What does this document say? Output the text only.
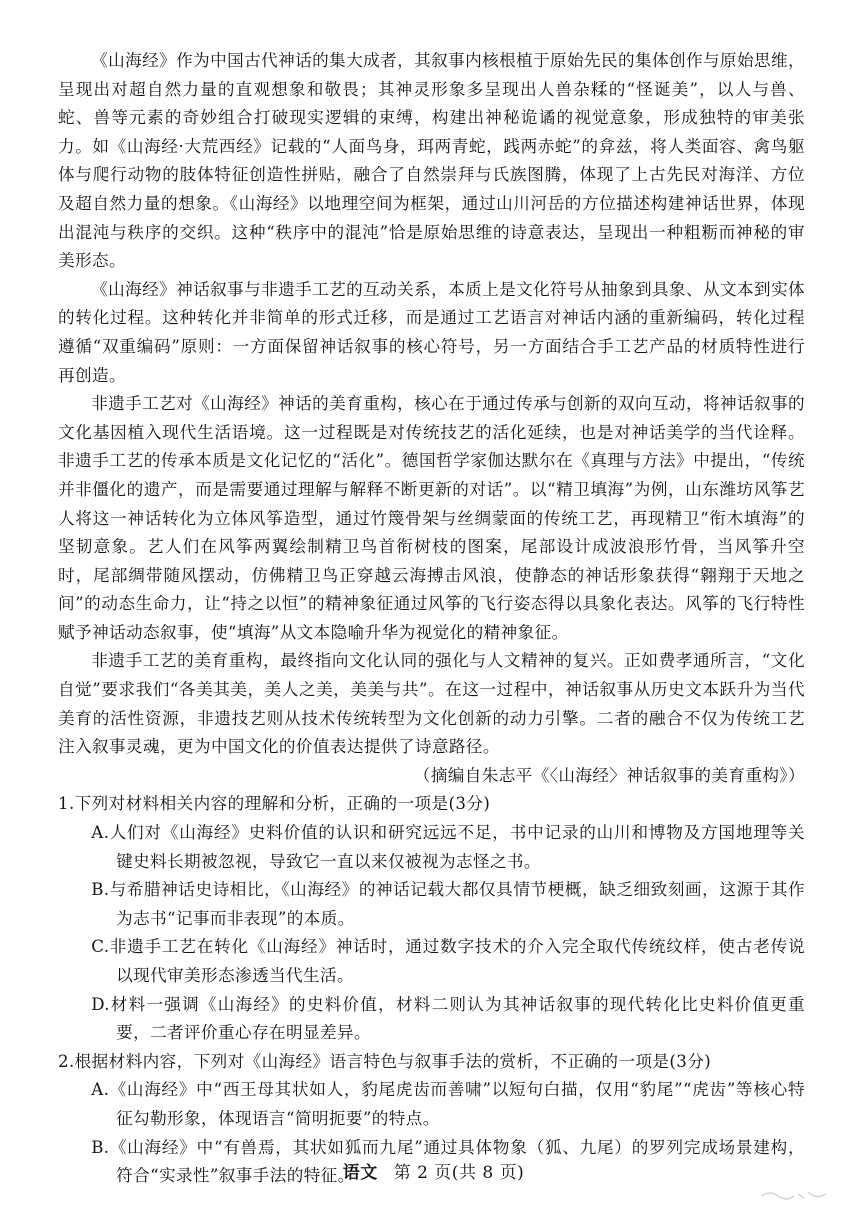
《山海经》作为中国古代神话的集大成者，其叙事内核根植于原始先民的集体创作与原始思维，呈现出对超自然力量的直观想象和敬畏；其神灵形象多呈现出人兽杂糅的“怪诞美”，以人与兽、蛇、兽等元素的奇妙组合打破现实逻辑的束缚，构建出神秘诡谲的视觉意象，形成独特的审美张力。如《山海经·大荒西经》记载的“人面鸟身，珥两青蛇，践两赤蛇”的弇兹，将人类面容、禽鸟躯体与爬行动物的肢体特征创造性拼贴，融合了自然崇拜与氏族图腾，体现了上古先民对海洋、方位及超自然力量的想象。《山海经》以地理空间为框架，通过山川河岳的方位描述构建神话世界，体现出混沌与秩序的交织。这种“秩序中的混沌”恰是原始思维的诗意表达，呈现出一种粗粝而神秘的审美形态。

《山海经》神话叙事与非遗手工艺的互动关系，本质上是文化符号从抽象到具象、从文本到实体的转化过程。这种转化并非简单的形式迁移，而是通过工艺语言对神话内涵的重新编码，转化过程遵循“双重编码”原则：一方面保留神话叙事的核心符号，另一方面结合手工艺产品的材质特性进行再创造。

非遗手工艺对《山海经》神话的美育重构，核心在于通过传承与创新的双向互动，将神话叙事的文化基因植入现代生活语境。这一过程既是对传统技艺的活化延续，也是对神话美学的当代诠释。非遗手工艺的传承本质是文化记忆的“活化”。德国哲学家伽达默尔在《真理与方法》中提出，“传统并非僵化的遗产，而是需要通过理解与解释不断更新的对话”。以“精卫填海”为例，山东潍坊风筝艺人将这一神话转化为立体风筝造型，通过竹篾骨架与丝绸蒙面的传统工艺，再现精卫“衔木填海”的坚韧意象。艺人们在风筝两翼绘制精卫鸟首衔树枝的图案，尾部设计成波浪形竹骨，当风筝升空时，尾部绸带随风摆动，仿佛精卫鸟正穿越云海搏击风浪，使静态的神话形象获得“翱翔于天地之间”的动态生命力，让“持之以恒”的精神象征通过风筝的飞行姿态得以具象化表达。风筝的飞行特性赋予神话动态叙事，使“填海”从文本隐喻升华为视觉化的精神象征。

非遗手工艺的美育重构，最终指向文化认同的强化与人文精神的复兴。正如费孝通所言，“文化自觉”要求我们“各美其美，美人之美，美美与共”。在这一过程中，神话叙事从历史文本跃升为当代美育的活性资源，非遗技艺则从技术传统转型为文化创新的动力引擎。二者的融合不仅为传统工艺注入叙事灵魂，更为中国文化的价值表达提供了诗意路径。

（摘编自朱志平《〈山海经〉神话叙事的美育重构》）

1.下列对材料相关内容的理解和分析，正确的一项是(3分)

A.人们对《山海经》史料价值的认识和研究远远不足，书中记录的山川和博物及方国地理等关键史料长期被忽视，导致它一直以来仅被视为志怪之书。

B.与希腊神话史诗相比，《山海经》的神话记载大都仅具情节梗概，缺乏细致刻画，这源于其作为志书“记事而非表现”的本质。

C.非遗手工艺在转化《山海经》神话时，通过数字技术的介入完全取代传统纹样，使古老传说以现代审美形态渗透当代生活。

D.材料一强调《山海经》的史料价值，材料二则认为其神话叙事的现代转化比史料价值更重要，二者评价重心存在明显差异。

2.根据材料内容，下列对《山海经》语言特色与叙事手法的赏析，不正确的一项是(3分)

A.《山海经》中“西王母其状如人，豹尾虎齿而善啸”以短句白描，仅用“豹尾”“虎齿”等核心特征勾勒形象，体现语言“简明扼要”的特点。

B.《山海经》中“有兽焉，其状如狐而九尾”通过具体物象（狐、九尾）的罗列完成场景建构，符合“实录性”叙事手法的特征。

语文 第 2 页(共 8 页)
